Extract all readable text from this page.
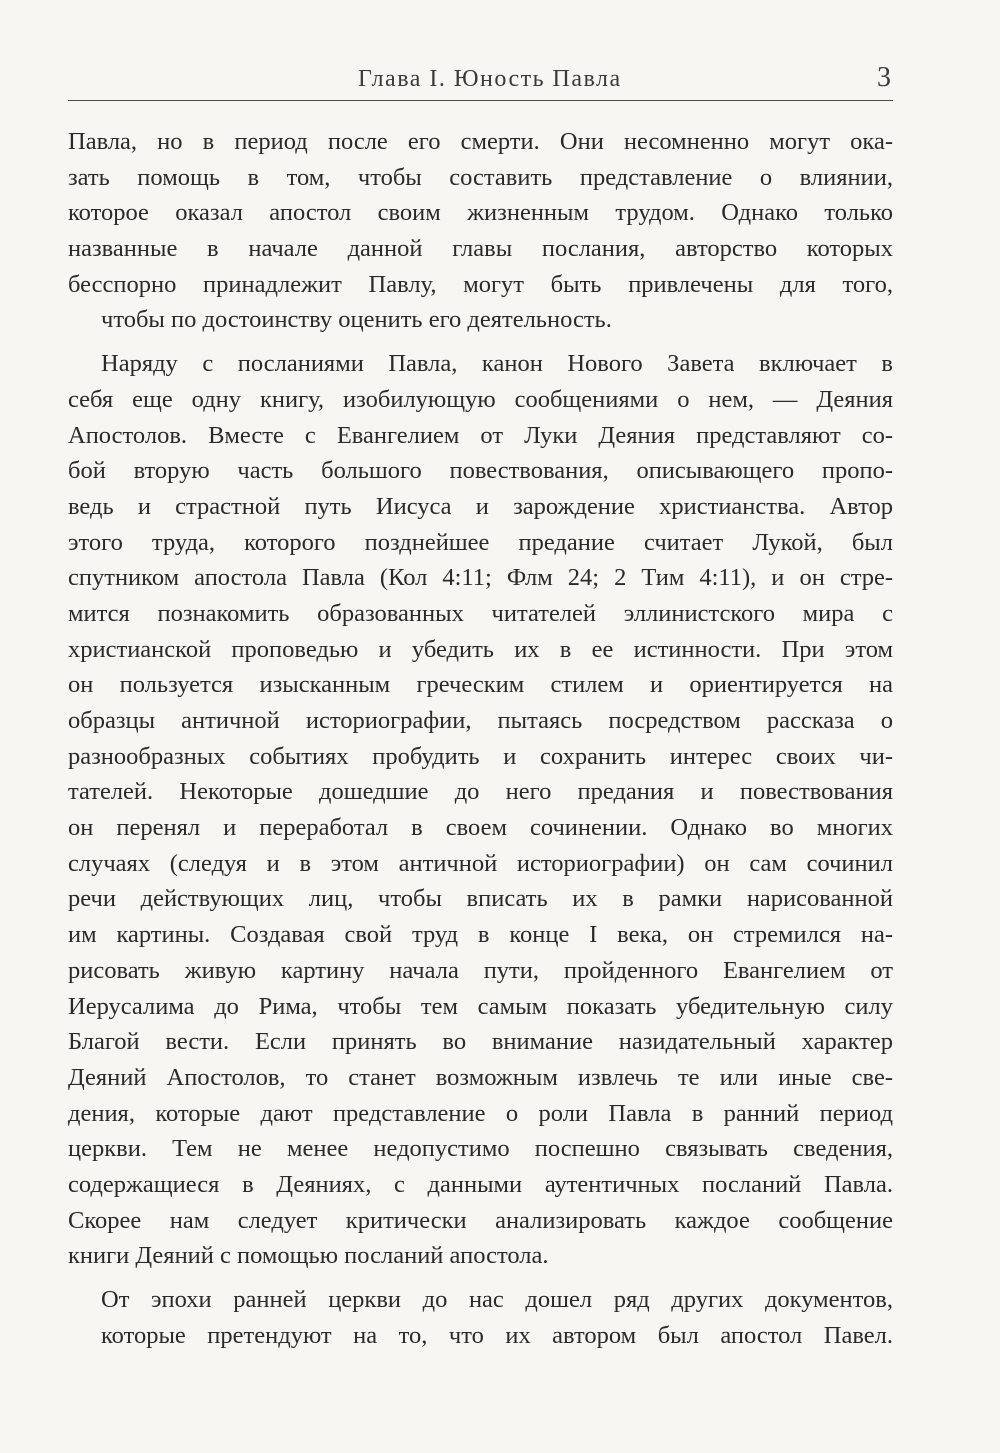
Глава I. Юность Павла	3
Павла, но в период после его смерти. Они несомненно могут ока-
зать помощь в том, чтобы составить представление о влиянии,
которое оказал апостол своим жизненным трудом. Однако только
названные в начале данной главы послания, авторство которых
бесспорно принадлежит Павлу, могут быть привлечены для того,
чтобы по достоинству оценить его деятельность.
Наряду с посланиями Павла, канон Нового Завета включает в
себя еще одну книгу, изобилующую сообщениями о нем, — Деяния
Апостолов. Вместе с Евангелием от Луки Деяния представляют со-
бой вторую часть большого повествования, описывающего пропо-
ведь и страстной путь Иисуса и зарождение христианства. Автор
этого труда, которого позднейшее предание считает Лукой, был
спутником апостола Павла (Кол 4:11; Флм 24; 2 Тим 4:11), и он стре-
мится познакомить образованных читателей эллинистского мира с
христианской проповедью и убедить их в ее истинности. При этом
он пользуется изысканным греческим стилем и ориентируется на
образцы античной историографии, пытаясь посредством рассказа о
разнообразных событиях пробудить и сохранить интерес своих чи-
тателей. Некоторые дошедшие до него предания и повествования
он перенял и переработал в своем сочинении. Однако во многих
случаях (следуя и в этом античной историографии) он сам сочинил
речи действующих лиц, чтобы вписать их в рамки нарисованной
им картины. Создавая свой труд в конце I века, он стремился на-
рисовать живую картину начала пути, пройденного Евангелием от
Иерусалима до Рима, чтобы тем самым показать убедительную силу
Благой вести. Если принять во внимание назидательный характер
Деяний Апостолов, то станет возможным извлечь те или иные све-
дения, которые дают представление о роли Павла в ранний период
церкви. Тем не менее недопустимо поспешно связывать сведения,
содержащиеся в Деяниях, с данными аутентичных посланий Павла.
Скорее нам следует критически анализировать каждое сообщение
книги Деяний с помощью посланий апостола.
От эпохи ранней церкви до нас дошел ряд других документов,
которые претендуют на то, что их автором был апостол Павел.
